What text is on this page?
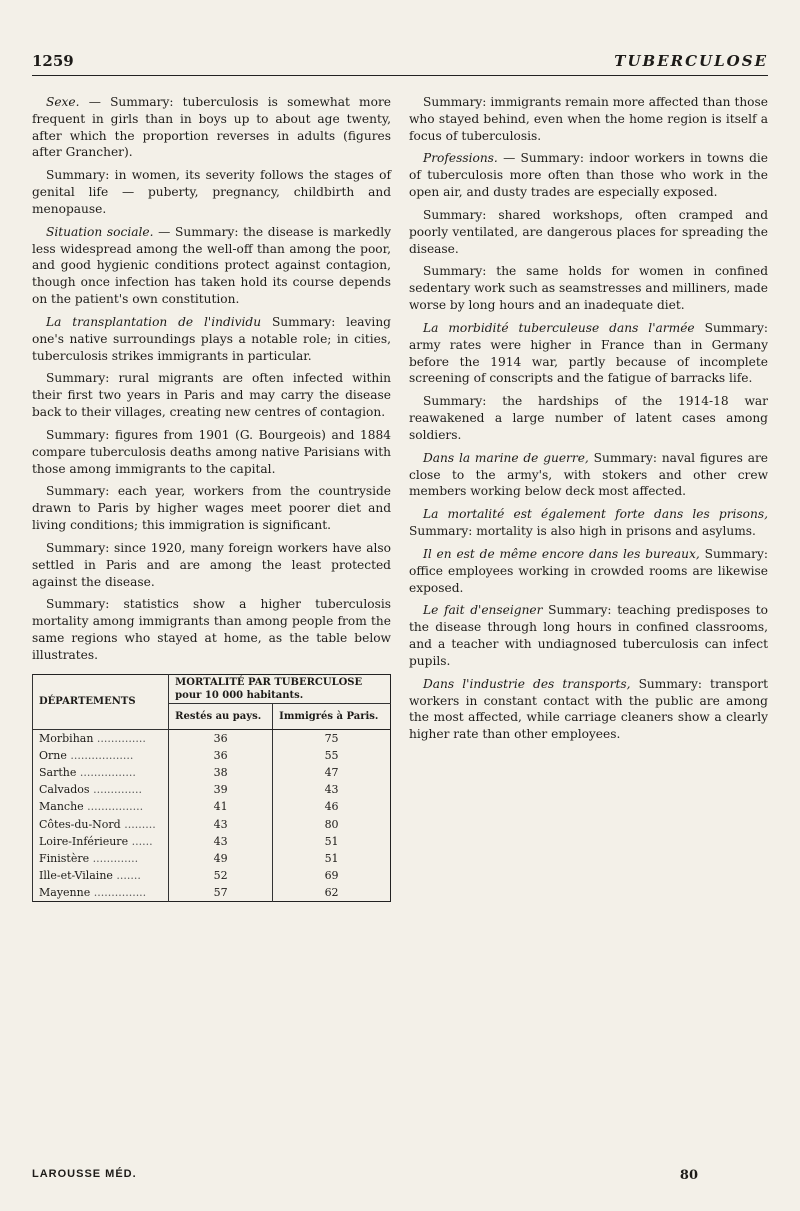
1259	TUBERCULOSE

Sexe. — Summary: tuberculosis is somewhat more frequent in girls than in boys up to about age twenty, after which the proportion reverses in adults (figures after Grancher).

Summary: in women, its severity follows the stages of genital life — puberty, pregnancy, childbirth and menopause.

Situation sociale. — Summary: the disease is markedly less widespread among the well-off than among the poor, and good hygienic conditions protect against contagion, though once infection has taken hold its course depends on the patient's own constitution.

La transplantation de l'individu Summary: leaving one's native surroundings plays a notable role; in cities, tuberculosis strikes immigrants in particular.

Summary: rural migrants are often infected within their first two years in Paris and may carry the disease back to their villages, creating new centres of contagion.

Summary: figures from 1901 (G. Bourgeois) and 1884 compare tuberculosis deaths among native Parisians with those among immigrants to the capital.

Summary: each year, workers from the countryside drawn to Paris by higher wages meet poorer diet and living conditions; this immigration is significant.

Summary: since 1920, many foreign workers have also settled in Paris and are among the least protected against the disease.

Summary: statistics show a higher tuberculosis mortality among immigrants than among people from the same regions who stayed at home, as the table below illustrates.

DÉPARTEMENTS	MORTALITÉ PAR TUBERCULOSE
pour 10 000 habitants.	
	Restés au pays.	Immigrés à Paris.
Morbihan ..............	36	75
Orne ..................	36	55
Sarthe ................	38	47
Calvados ..............	39	43
Manche ................	41	46
Côtes-du-Nord .........	43	80
Loire-Inférieure ......	43	51
Finistère .............	49	51
Ille-et-Vilaine .......	52	69
Mayenne ...............	57	62

Summary: immigrants remain more affected than those who stayed behind, even when the home region is itself a focus of tuberculosis.

Professions. — Summary: indoor workers in towns die of tuberculosis more often than those who work in the open air, and dusty trades are especially exposed.

Summary: shared workshops, often cramped and poorly ventilated, are dangerous places for spreading the disease.

Summary: the same holds for women in confined sedentary work such as seamstresses and milliners, made worse by long hours and an inadequate diet.

La morbidité tuberculeuse dans l'armée Summary: army rates were higher in France than in Germany before the 1914 war, partly because of incomplete screening of conscripts and the fatigue of barracks life.

Summary: the hardships of the 1914-18 war reawakened a large number of latent cases among soldiers.

Dans la marine de guerre, Summary: naval figures are close to the army's, with stokers and other crew members working below deck most affected.

La mortalité est également forte dans les prisons, Summary: mortality is also high in prisons and asylums.

Il en est de même encore dans les bureaux, Summary: office employees working in crowded rooms are likewise exposed.

Le fait d'enseigner Summary: teaching predisposes to the disease through long hours in confined classrooms, and a teacher with undiagnosed tuberculosis can infect pupils.

Dans l'industrie des transports, Summary: transport workers in constant contact with the public are among the most affected, while carriage cleaners show a clearly higher rate than other employees.

LAROUSSE MÉD.	80
